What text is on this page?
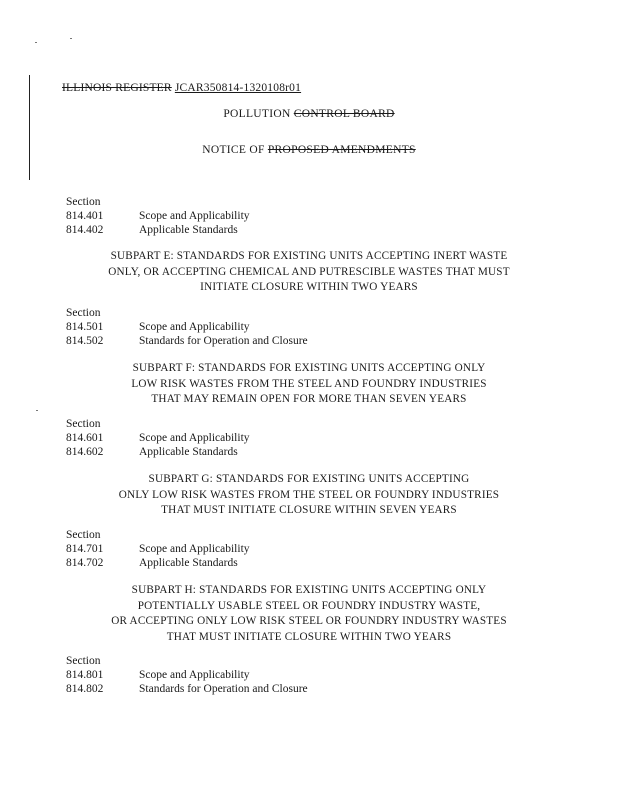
ILLINOIS REGISTER JCAR350814-1320108r01
POLLUTION CONTROL BOARD
NOTICE OF PROPOSED AMENDMENTS
Section
814.401	Scope and Applicability
814.402	Applicable Standards
SUBPART E: STANDARDS FOR EXISTING UNITS ACCEPTING INERT WASTE
ONLY, OR ACCEPTING CHEMICAL AND PUTRESCIBLE WASTES THAT MUST
INITIATE CLOSURE WITHIN TWO YEARS
Section
814.501	Scope and Applicability
814.502	Standards for Operation and Closure
SUBPART F: STANDARDS FOR EXISTING UNITS ACCEPTING ONLY
LOW RISK WASTES FROM THE STEEL AND FOUNDRY INDUSTRIES
THAT MAY REMAIN OPEN FOR MORE THAN SEVEN YEARS
Section
814.601	Scope and Applicability
814.602	Applicable Standards
SUBPART G: STANDARDS FOR EXISTING UNITS ACCEPTING
ONLY LOW RISK WASTES FROM THE STEEL OR FOUNDRY INDUSTRIES
THAT MUST INITIATE CLOSURE WITHIN SEVEN YEARS
Section
814.701	Scope and Applicability
814.702	Applicable Standards
SUBPART H: STANDARDS FOR EXISTING UNITS ACCEPTING ONLY
POTENTIALLY USABLE STEEL OR FOUNDRY INDUSTRY WASTE,
OR ACCEPTING ONLY LOW RISK STEEL OR FOUNDRY INDUSTRY WASTES
THAT MUST INITIATE CLOSURE WITHIN TWO YEARS
Section
814.801	Scope and Applicability
814.802	Standards for Operation and Closure
